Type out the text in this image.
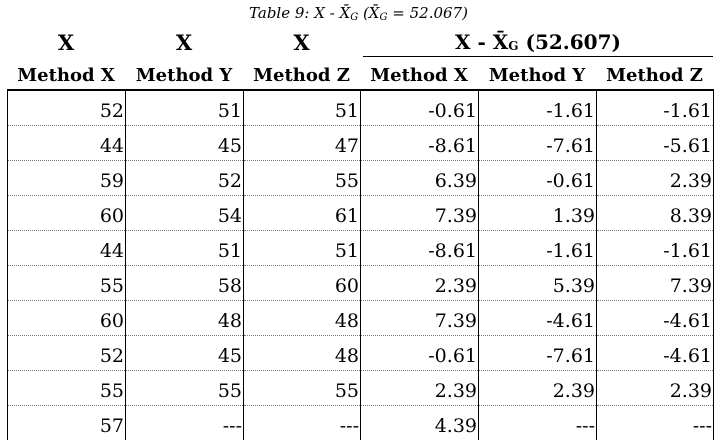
Table 9: X - $X̄_G$ $(X̄_G = 52.067)$
X	X	X	X - X̄G (52.607)
Method X	Method Y	Method Z	Method X	Method Y	Method Z
52	51	51	-0.61	-1.61	-1.61
44	45	47	-8.61	-7.61	-5.61
59	52	55	6.39	-0.61	2.39
60	54	61	7.39	1.39	8.39
44	51	51	-8.61	-1.61	-1.61
55	58	60	2.39	5.39	7.39
60	48	48	7.39	-4.61	-4.61
52	45	48	-0.61	-7.61	-4.61
55	55	55	2.39	2.39	2.39
57	---	---	4.39	---	---
